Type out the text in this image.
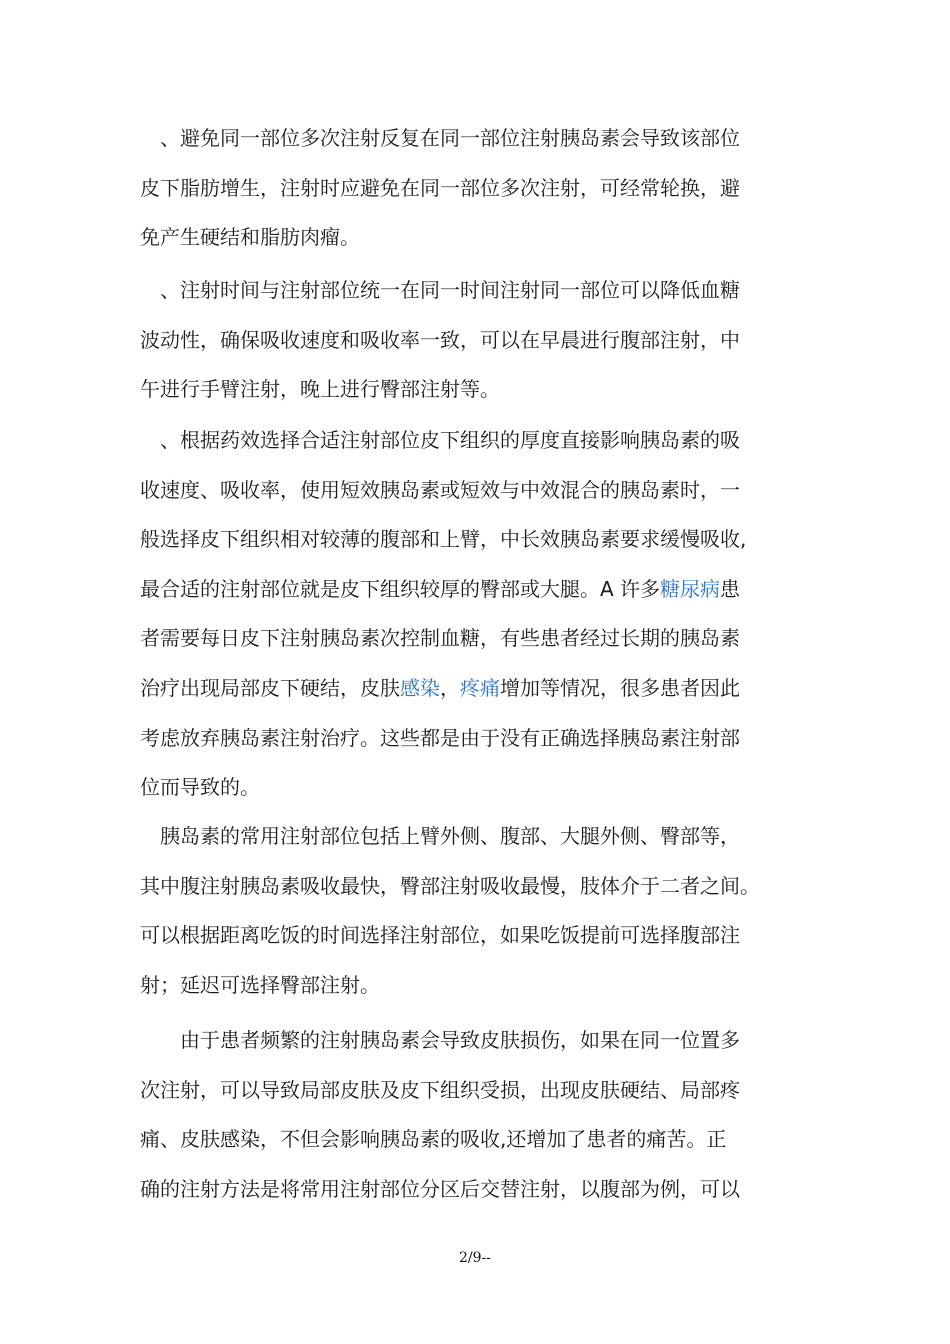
　、避免同一部位多次注射反复在同一部位注射胰岛素会导致该部位
皮下脂肪增生，注射时应避免在同一部位多次注射，可经常轮换，避
免产生硬结和脂肪肉瘤。
　、注射时间与注射部位统一在同一时间注射同一部位可以降低血糖
波动性，确保吸收速度和吸收率一致，可以在早晨进行腹部注射，中
午进行手臂注射，晚上进行臀部注射等。
　、根据药效选择合适注射部位皮下组织的厚度直接影响胰岛素的吸
收速度、吸收率，使用短效胰岛素或短效与中效混合的胰岛素时，一
般选择皮下组织相对较薄的腹部和上臂，中长效胰岛素要求缓慢吸收,
最合适的注射部位就是皮下组织较厚的臀部或大腿。A 许多糖尿病患
者需要每日皮下注射胰岛素次控制血糖，有些患者经过长期的胰岛素
治疗出现局部皮下硬结，皮肤感染，疼痛增加等情况，很多患者因此
考虑放弃胰岛素注射治疗。这些都是由于没有正确选择胰岛素注射部
位而导致的。
　胰岛素的常用注射部位包括上臂外侧、腹部、大腿外侧、臀部等，
其中腹注射胰岛素吸收最快，臀部注射吸收最慢，肢体介于二者之间。
可以根据距离吃饭的时间选择注射部位，如果吃饭提前可选择腹部注
射；延迟可选择臀部注射。
　　由于患者频繁的注射胰岛素会导致皮肤损伤，如果在同一位置多
次注射，可以导致局部皮肤及皮下组织受损，出现皮肤硬结、局部疼
痛、皮肤感染，不但会影响胰岛素的吸收,还增加了患者的痛苦。正
确的注射方法是将常用注射部位分区后交替注射，以腹部为例，可以
2/9--
